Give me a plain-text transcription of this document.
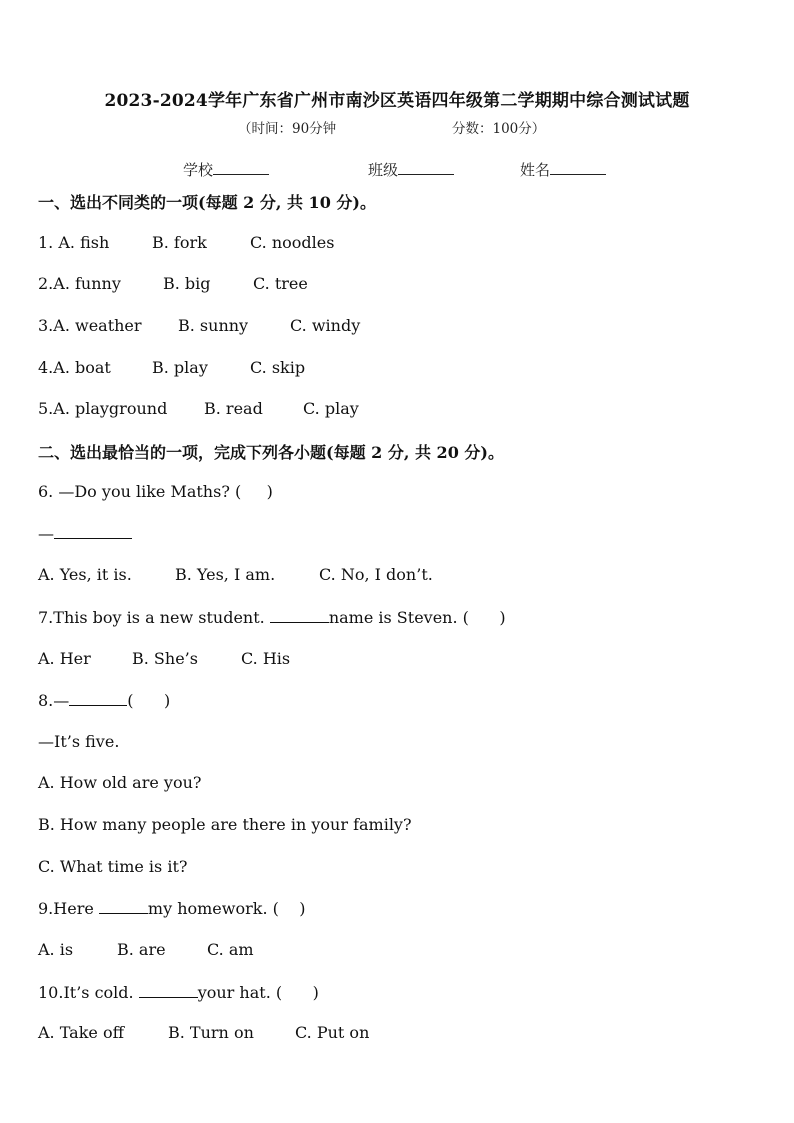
2023-2024学年广东省广州市南沙区英语四年级第二学期期中综合测试试题
（时间：90分钟	分数：100分）
学校	班级	姓名
一、选出不同类的一项(每题 2 分, 共 10 分)。
1. A. fish	B. fork	C. noodles
2.A. funny	B. big	C. tree
3.A. weather B. sunny	C. windy
4.A. boat	B. play	C. skip
5.A. playground B. read	C. play
二、选出最恰当的一项，完成下列各小题(每题 2 分, 共 20 分)。
6. —Do you like Maths? (     )
—
A. Yes, it is.	B. Yes, I am.	C. No, I don’t.
7.This boy is a new student.	name is Steven. (      )
A. Her	B. She’s	C. His
8.—	(      )
—It’s five.
A. How old are you?
B. How many people are there in your family?
C. What time is it?
9.Here	my homework. (    )
A. is	B. are	C. am
10.It’s cold.	your hat. (      )
A. Take off	B. Turn on	C. Put on
